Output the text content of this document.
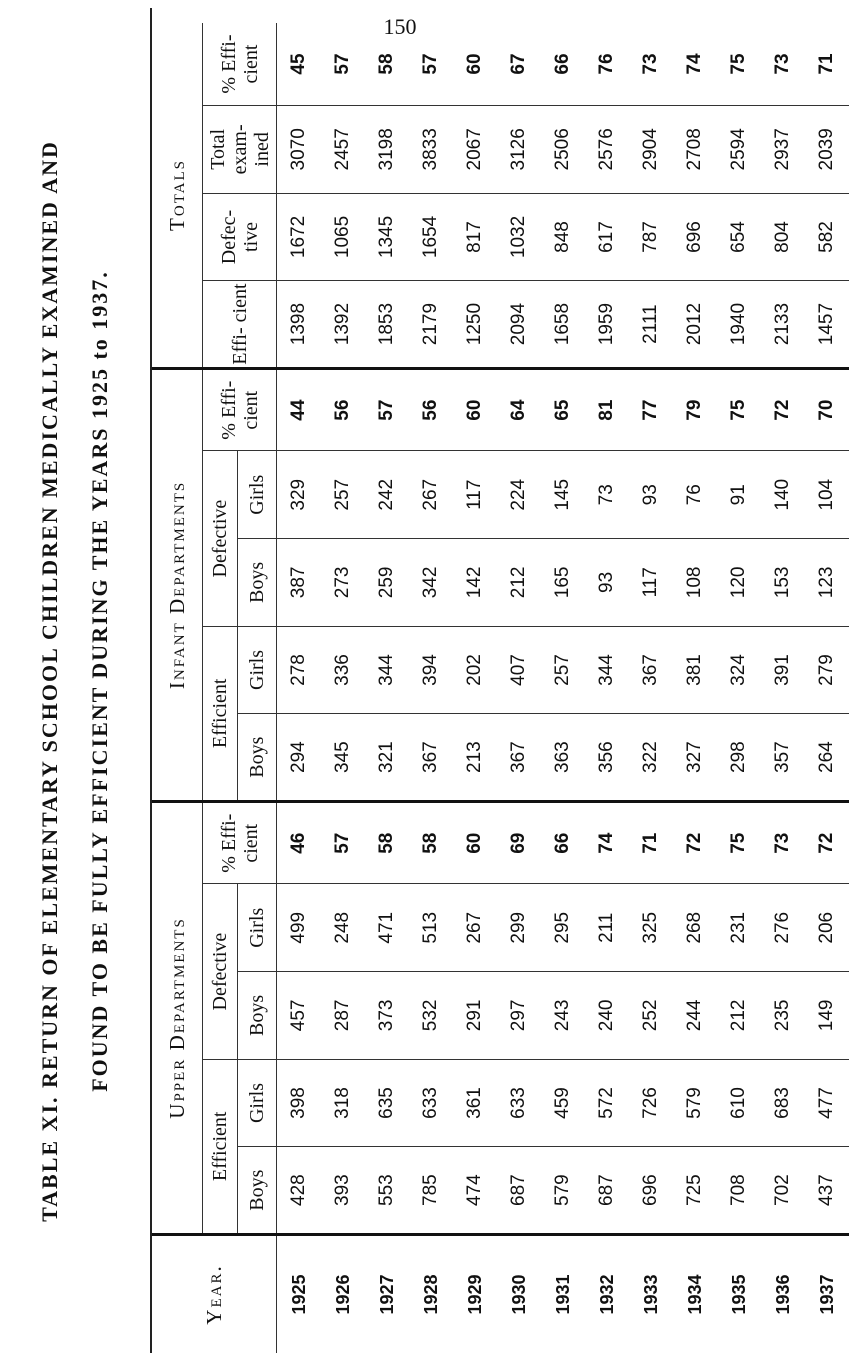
150
TABLE XI. RETURN OF ELEMENTARY SCHOOL CHILDREN MEDICALLY EXAMINED AND FOUND TO BE FULLY EFFICIENT DURING THE YEARS 1925 to 1937.
Year.	Upper Departments					Infant Departments					Totals			
	Efficient		Defective		% Effi- cient	Efficient		Defective		% Effi- cient	Effi- cient	Defec- tive	Total exam- ined	% Effi- cient
	Boys	Girls	Boys	Girls		Boys	Girls	Boys	Girls					
1925	428	398	457	499	46	294	278	387	329	44	1398	1672	3070	45
1926	393	318	287	248	57	345	336	273	257	56	1392	1065	2457	57
1927	553	635	373	471	58	321	344	259	242	57	1853	1345	3198	58
1928	785	633	532	513	58	367	394	342	267	56	2179	1654	3833	57
1929	474	361	291	267	60	213	202	142	117	60	1250	817	2067	60
1930	687	633	297	299	69	367	407	212	224	64	2094	1032	3126	67
1931	579	459	243	295	66	363	257	165	145	65	1658	848	2506	66
1932	687	572	240	211	74	356	344	93	73	81	1959	617	2576	76
1933	696	726	252	325	71	322	367	117	93	77	2111	787	2904	73
1934	725	579	244	268	72	327	381	108	76	79	2012	696	2708	74
1935	708	610	212	231	75	298	324	120	91	75	1940	654	2594	75
1936	702	683	235	276	73	357	391	153	140	72	2133	804	2937	73
1937	437	477	149	206	72	264	279	123	104	70	1457	582	2039	71
